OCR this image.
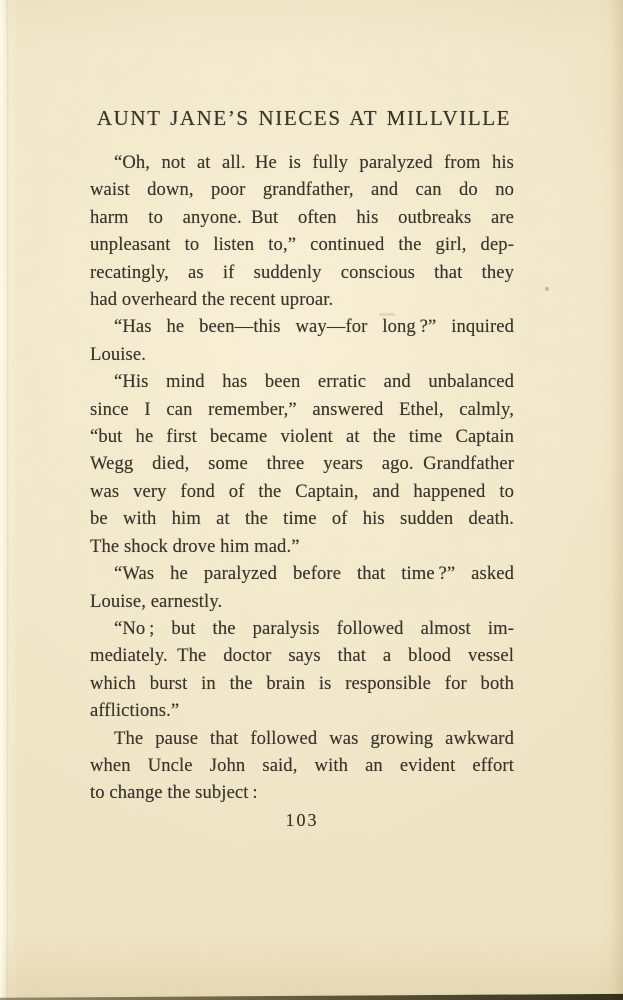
AUNT JANE’S NIECES AT MILLVILLE
“Oh, not at all. He is fully paralyzed from his
waist down, poor grandfather, and can do no
harm to anyone. But often his outbreaks are
unpleasant to listen to,” continued the girl, dep-
recatingly, as if suddenly conscious that they
had overheard the recent uproar.
“Has he been—this way—for long ?” inquired
Louise.
“His mind has been erratic and unbalanced
since I can remember,” answered Ethel, calmly,
“but he first became violent at the time Captain
Wegg died, some three years ago. Grandfather
was very fond of the Captain, and happened to
be with him at the time of his sudden death.
The shock drove him mad.”
“Was he paralyzed before that time ?” asked
Louise, earnestly.
“No ; but the paralysis followed almost im-
mediately. The doctor says that a blood vessel
which burst in the brain is responsible for both
afflictions.”
The pause that followed was growing awkward
when Uncle John said, with an evident effort
to change the subject :
103
